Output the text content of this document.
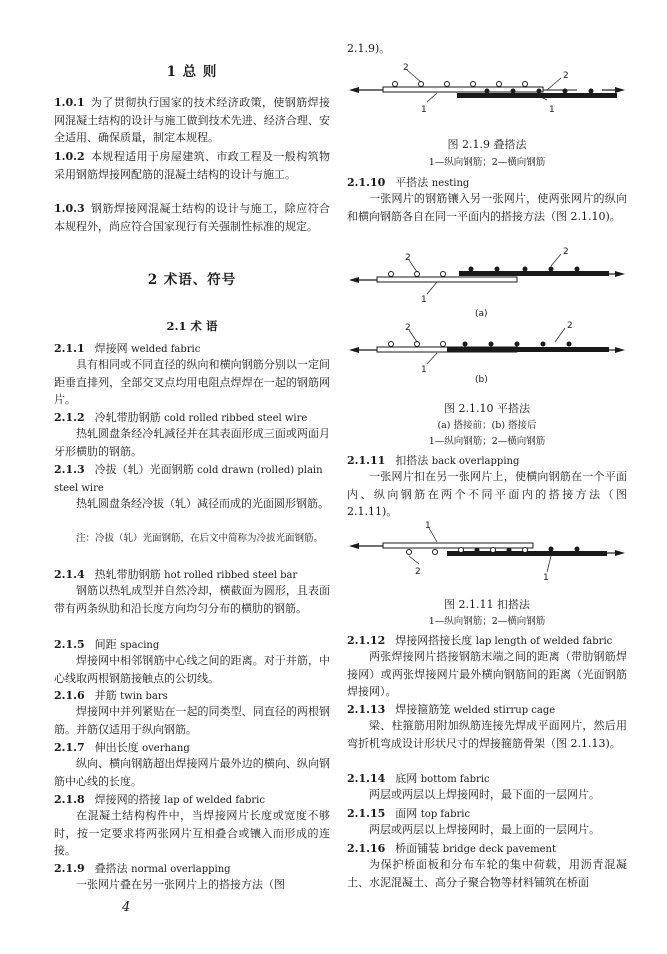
1 总 则
1.0.1 为了贯彻执行国家的技术经济政策，使钢筋焊接网混凝土结构的设计与施工做到技术先进、经济合理、安全适用、确保质量，制定本规程。
1.0.2 本规程适用于房屋建筑、市政工程及一般构筑物采用钢筋焊接网配筋的混凝土结构的设计与施工。
1.0.3 钢筋焊接网混凝土结构的设计与施工，除应符合本规程外，尚应符合国家现行有关强制性标准的规定。
2 术语、符号
2.1 术 语
2.1.1 焊接网 welded fabric
具有相同或不同直径的纵向和横向钢筋分别以一定间距垂直排列，全部交叉点均用电阻点焊焊在一起的钢筋网片。
2.1.2 冷轧带肋钢筋 cold rolled ribbed steel wire
热轧圆盘条经冷轧减径并在其表面形成三面或两面月牙形横肋的钢筋。
2.1.3 冷拔（轧）光面钢筋 cold drawn (rolled) plain steel wire
热轧圆盘条经冷拔（轧）减径而成的光面圆形钢筋。
注：冷拔（轧）光面钢筋，在后文中简称为冷拔光面钢筋。
2.1.4 热轧带肋钢筋 hot rolled ribbed steel bar
钢筋以热轧成型并自然冷却，横截面为圆形，且表面带有两条纵肋和沿长度方向均匀分布的横肋的钢筋。
2.1.5 间距 spacing
焊接网中相邻钢筋中心线之间的距离。对于并筋，中心线取两根钢筋接触点的公切线。
2.1.6 并筋 twin bars
焊接网中并列紧贴在一起的同类型、同直径的两根钢筋。并筋仅适用于纵向钢筋。
2.1.7 伸出长度 overhang
纵向、横向钢筋超出焊接网片最外边的横向、纵向钢筋中心线的长度。
2.1.8 焊接网的搭接 lap of welded fabric
在混凝土结构构件中，当焊接网片长度或宽度不够时，按一定要求将两张网片互相叠合或镶入而形成的连接。
2.1.9 叠搭法 normal overlapping
一张网片叠在另一张网片上的搭接方法（图
4
2.1.9)。
2
2
1	1
图 2.1.9 叠搭法
1—纵向钢筋；2—横向钢筋
2.1.10 平搭法 nesting
一张网片的钢筋镶入另一张网片，使两张网片的纵向和横向钢筋各自在同一平面内的搭接方法（图 2.1.10)。
2
2
1
(a)
2	2
1
(b)
图 2.1.10 平搭法
(a) 搭接前；(b) 搭接后
1—纵向钢筋；2—横向钢筋
2.1.11 扣搭法 back overlapping
一张网片扣在另一张网片上，使横向钢筋在一个平面内、纵向钢筋在两个不同平面内的搭接方法（图 2.1.11)。
1
2
1
图 2.1.11 扣搭法
1—纵向钢筋；2—横向钢筋
2.1.12 焊接网搭接长度 lap length of welded fabric
两张焊接网片搭接钢筋末端之间的距离（带肋钢筋焊接网）或两张焊接网片最外横向钢筋间的距离（光面钢筋焊接网）。
2.1.13 焊接箍筋笼 welded stirrup cage
梁、柱箍筋用附加纵筋连接先焊成平面网片，然后用弯折机弯成设计形状尺寸的焊接箍筋骨架（图 2.1.13)。
2.1.14 底网 bottom fabric
两层或两层以上焊接网时，最下面的一层网片。
2.1.15 面网 top fabric
两层或两层以上焊接网时，最上面的一层网片。
2.1.16 桥面铺装 bridge deck pavement
为保护桥面板和分布车轮的集中荷载，用沥青混凝土、水泥混凝土、高分子聚合物等材料铺筑在桥面
